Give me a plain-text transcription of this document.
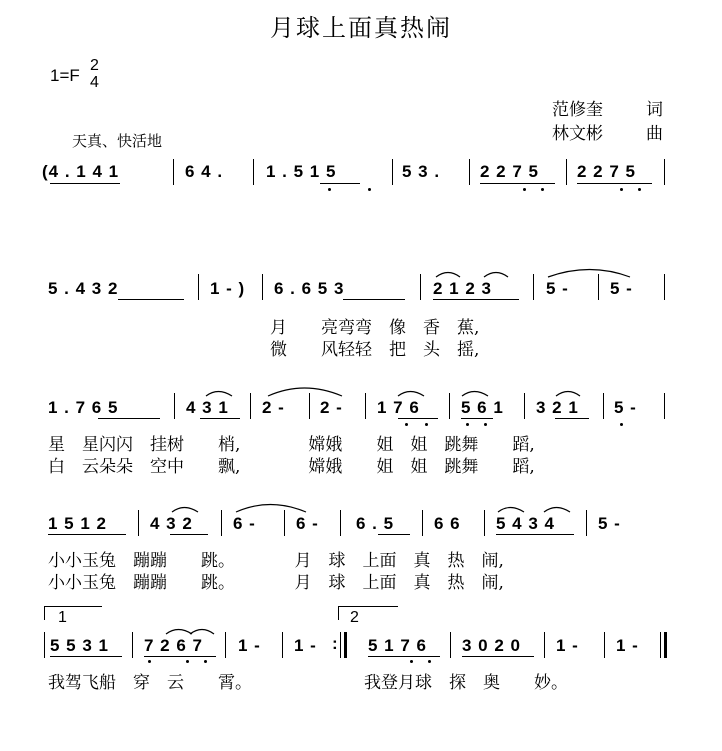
月球上面真热闹
1=F
2
4
范修奎	词
林文彬	曲
天真、快活地
(4 . 1 4 1	6 4 .	1 . 5 1 5	5 3 . 2 2 7 5 2 2 7 5
5 . 4 3 2	1 - ) 6 . 6 5 3	2 1 2 3	5 - 5 -
月　　亮弯弯　像　香　蕉,
微　　风轻轻　把　头　摇,
1 . 7 6 5	4 3 1 2 - 2 - 1 7 6 5 6 1 3 2 1 5 -
星　星闪闪　挂树　　梢,　　　　嫦娥　　姐　姐　跳舞　　蹈,
白　云朵朵　空中　　飘,　　　　嫦娥　　姐　姐　跳舞　　蹈,
1 5 1 2	4 3 2 6 - 6 - 6 . 5 6 6 5 4 3 4	5 -
小小玉兔　蹦蹦　　跳。　　　　月　球　上面　真　热　闹,
小小玉兔　蹦蹦　　跳。　　　　月　球　上面　真　热　闹,
1	2
5 5 3 1 7 2 6 7 1 - 1 - : 5 1 7 6 3 0 2 0 1 - 1 -
我驾飞船　穿　云　　霄。	我登月球　探　奥　　妙。
